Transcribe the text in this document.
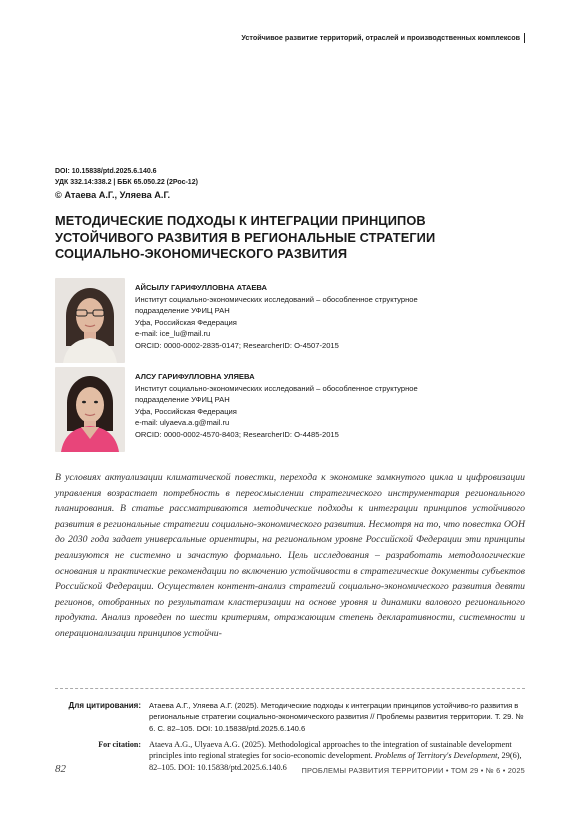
Устойчивое развитие территорий, отраслей и производственных комплексов
DOI: 10.15838/ptd.2025.6.140.6
УДК 332.14:338.2 | ББК 65.050.22 (2Рос-12)
© Атаева А.Г., Уляева А.Г.
МЕТОДИЧЕСКИЕ ПОДХОДЫ К ИНТЕГРАЦИИ ПРИНЦИПОВ УСТОЙЧИВОГО РАЗВИТИЯ В РЕГИОНАЛЬНЫЕ СТРАТЕГИИ СОЦИАЛЬНО-ЭКОНОМИЧЕСКОГО РАЗВИТИЯ
АЙСЫЛУ ГАРИФУЛЛОВНА АТАЕВА
Институт социально-экономических исследований – обособленное структурное
подразделение УФИЦ РАН
Уфа, Российская Федерация
e-mail: ice_lu@mail.ru
ORCID: 0000-0002-2835-0147; ResearcherID: O-4507-2015
АЛСУ ГАРИФУЛЛОВНА УЛЯЕВА
Институт социально-экономических исследований – обособленное структурное
подразделение УФИЦ РАН
Уфа, Российская Федерация
e-mail: ulyaeva.a.g@mail.ru
ORCID: 0000-0002-4570-8403; ResearcherID: O-4485-2015
В условиях актуализации климатической повестки, перехода к экономике замкнутого цикла и цифровизации управления возрастает потребность в переосмыслении стратегического инструментария регионального планирования. В статье рассматриваются методические подходы к интеграции принципов устойчивого развития в региональные стратегии социально-экономического развития. Несмотря на то, что повестка ООН до 2030 года задает универсальные ориентиры, на региональном уровне Российской Федерации эти принципы реализуются не системно и зачастую формально. Цель исследования – разработать методологические основания и практические рекомендации по включению устойчивости в стратегические документы субъектов Российской Федерации. Осуществлен контент-анализ стратегий социально-экономического развития девяти регионов, отобранных по результатам кластеризации на основе уровня и динамики валового регионального продукта. Анализ проведен по шести критериям, отражающим степень декларативности, системности и операционализации принципов устойчи-
Для цитирования: Атаева А.Г., Уляева А.Г. (2025). Методические подходы к интеграции принципов устойчиво-го развития в региональные стратегии социально-экономического развития // Проблемы развития территории. Т. 29. № 6. С. 82–105. DOI: 10.15838/ptd.2025.6.140.6
For citation: Ataeva A.G., Ulyaeva A.G. (2025). Methodological approaches to the integration of sustainable development principles into regional strategies for socio-economic development. Problems of Territory's Development, 29(6), 82–105. DOI: 10.15838/ptd.2025.6.140.6
82	ПРОБЛЕМЫ РАЗВИТИЯ ТЕРРИТОРИИ • ТОМ 29 • № 6 • 2025
